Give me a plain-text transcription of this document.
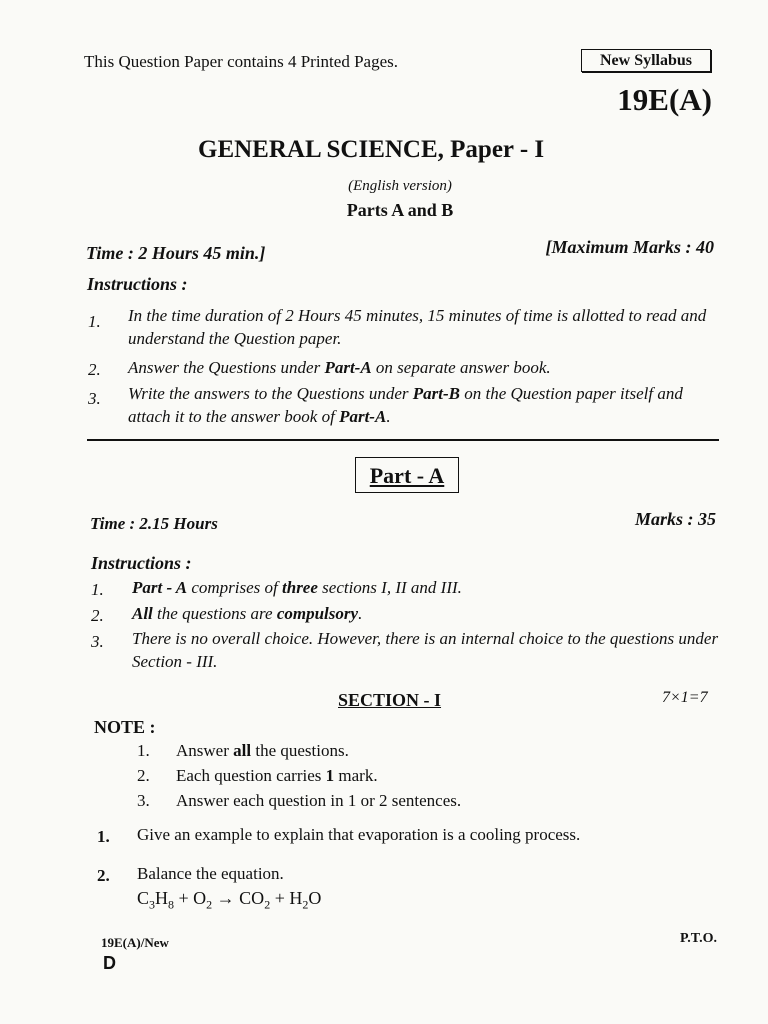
This Question Paper contains 4 Printed Pages.	New Syllabus
19E(A)
GENERAL SCIENCE, Paper - I
(English version)
Parts A and B
Time : 2 Hours 45 min.]	[Maximum Marks : 40
Instructions :
1. In the time duration of 2 Hours 45 minutes, 15 minutes of time is allotted to read and understand the Question paper.
2. Answer the Questions under Part-A on separate answer book.
3. Write the answers to the Questions under Part-B on the Question paper itself and attach it to the answer book of Part-A.
Part - A
Time : 2.15 Hours	Marks : 35
Instructions :
1. Part - A comprises of three sections I, II and III.
2. All the questions are compulsory.
3. There is no overall choice. However, there is an internal choice to the questions under Section - III.
SECTION - I	7×1=7
NOTE :
1. Answer all the questions.
2. Each question carries 1 mark.
3. Answer each question in 1 or 2 sentences.
1. Give an example to explain that evaporation is a cooling process.
2. Balance the equation.
$C_3H_8 + O_2 \to CO_2 + H_2O$
19E(A)/New
D
P.T.O.
